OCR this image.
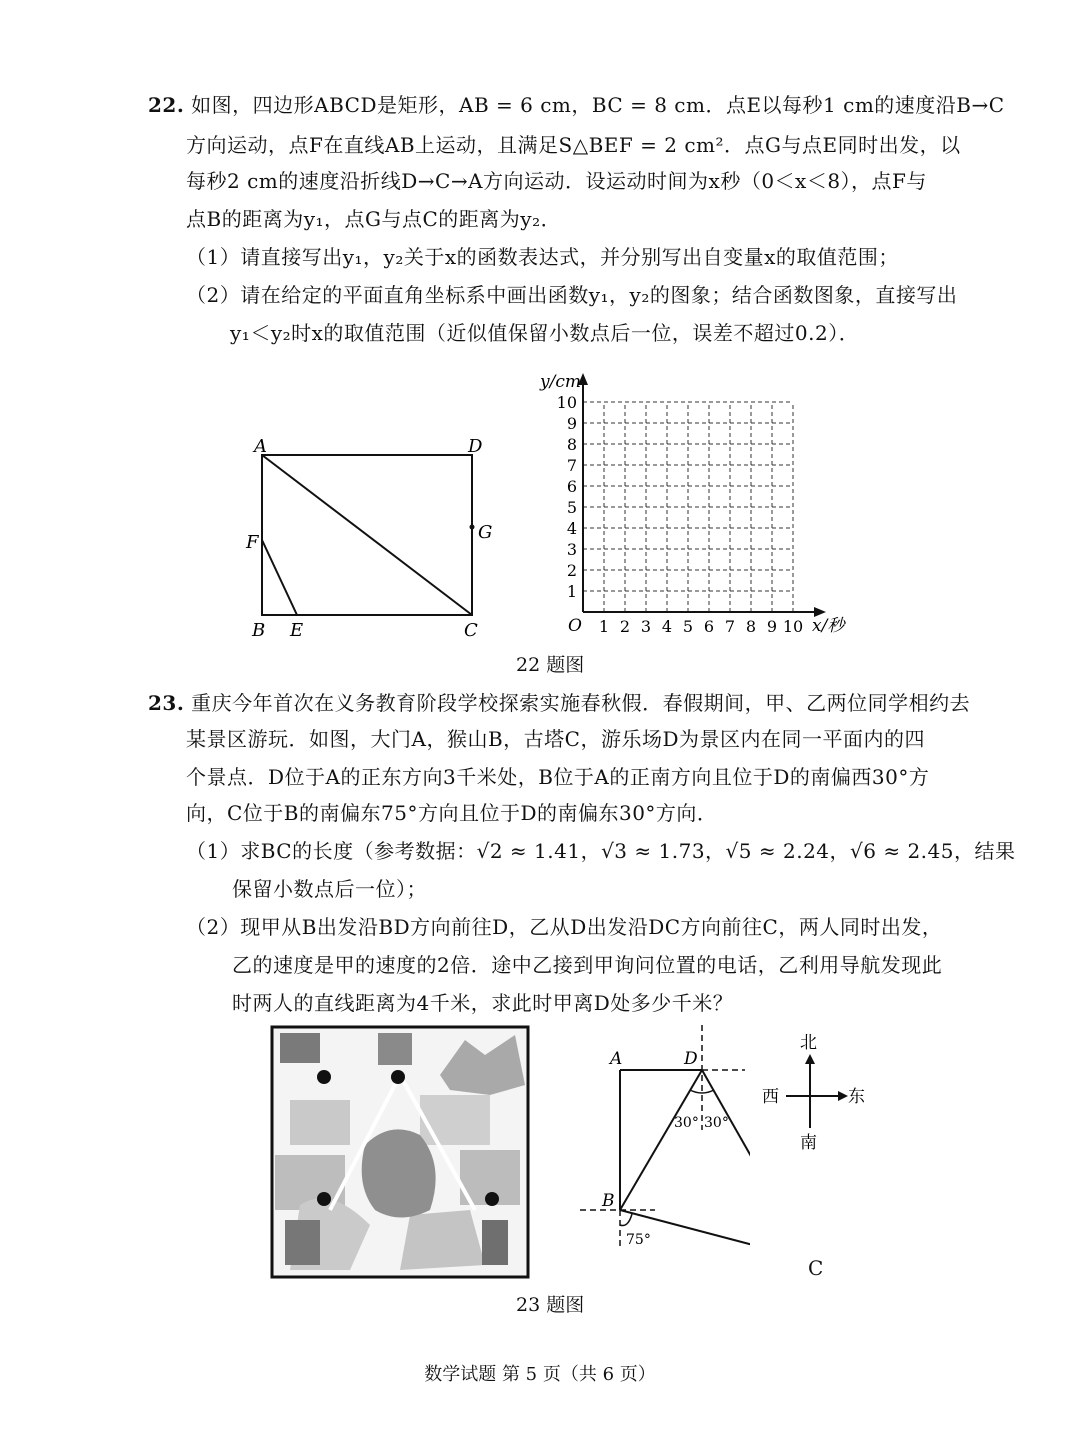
22. 如图，四边形ABCD是矩形，AB = 6 cm，BC = 8 cm．点E以每秒1 cm的速度沿B→C
方向运动，点F在直线AB上运动，且满足S△BEF = 2 cm²．点G与点E同时出发，以
每秒2 cm的速度沿折线D→C→A方向运动．设运动时间为x秒（0＜x＜8），点F与
点B的距离为y₁，点G与点C的距离为y₂．
（1）请直接写出y₁，y₂关于x的函数表达式，并分别写出自变量x的取值范围；
（2）请在给定的平面直角坐标系中画出函数y₁，y₂的图象；结合函数图象，直接写出
y₁＜y₂时x的取值范围（近似值保留小数点后一位，误差不超过0.2）．
A	D
F	G
B E	C	1 2 3 4 5 6 7 8 9 10
1
2
3
4
5
6
7
8
9
10
O
y/cm
x/秒
22 题图
23. 重庆今年首次在义务教育阶段学校探索实施春秋假．春假期间，甲、乙两位同学相约去
某景区游玩．如图，大门A，猴山B，古塔C，游乐场D为景区内在同一平面内的四
个景点．D位于A的正东方向3千米处，B位于A的正南方向且位于D的南偏西30°方
向，C位于B的南偏东75°方向且位于D的南偏东30°方向．
（1）求BC的长度（参考数据：√2 ≈ 1.41，√3 ≈ 1.73，√5 ≈ 2.24，√6 ≈ 2.45，结果
保留小数点后一位）；
（2）现甲从B出发沿BD方向前往D，乙从D出发沿DC方向前往C，两人同时出发，
乙的速度是甲的速度的2倍．途中乙接到甲询问位置的电话，乙利用导航发现此
时两人的直线距离为4千米，求此时甲离D处多少千米？
A	D
B
30° 30°
75°
C
北
南
西	东
23 题图
数学试题 第 5 页（共 6 页）
